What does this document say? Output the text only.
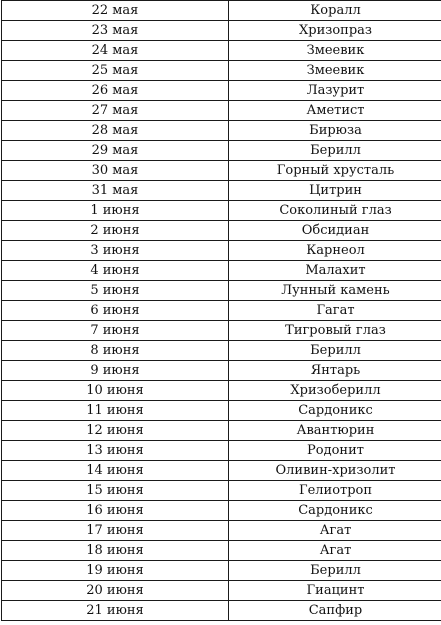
22 мая	Коралл
23 мая	Хризопраз
24 мая	Змеевик
25 мая	Змеевик
26 мая	Лазурит
27 мая	Аметист
28 мая	Бирюза
29 мая	Берилл
30 мая	Горный хрусталь
31 мая	Цитрин
1 июня	Соколиный глаз
2 июня	Обсидиан
3 июня	Карнеол
4 июня	Малахит
5 июня	Лунный камень
6 июня	Гагат
7 июня	Тигровый глаз
8 июня	Берилл
9 июня	Янтарь
10 июня	Хризоберилл
11 июня	Сардоникс
12 июня	Авантюрин
13 июня	Родонит
14 июня	Оливин-хризолит
15 июня	Гелиотроп
16 июня	Сардоникс
17 июня	Агат
18 июня	Агат
19 июня	Берилл
20 июня	Гиацинт
21 июня	Сапфир
